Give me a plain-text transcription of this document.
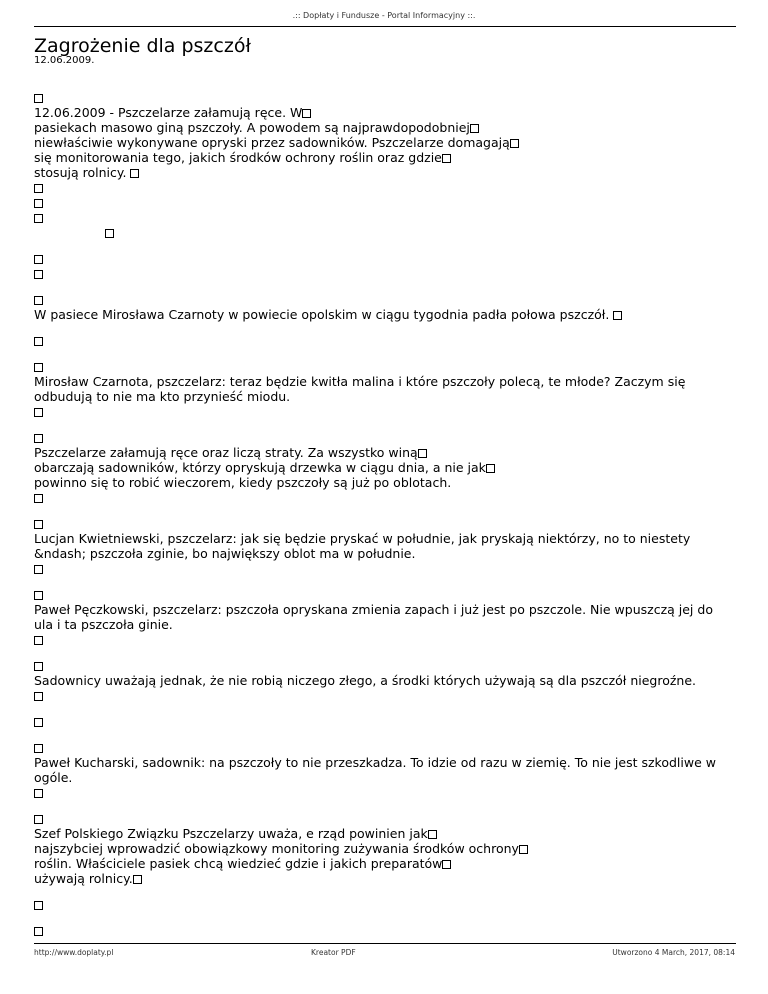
.:: Dopłaty i Fundusze - Portal Informacyjny ::.
Zagrożenie dla pszczół
12.06.2009.
12.06.2009 - Pszczelarze załamują ręce. W
pasiekach masowo giną pszczoły. A powodem są najprawdopodobniej
niewłaściwie wykonywane opryski przez sadowników. Pszczelarze domagają
się monitorowania tego, jakich środków ochrony roślin oraz gdzie
stosują rolnicy.
W pasiece Mirosława Czarnoty w powiecie opolskim w ciągu tygodnia padła połowa pszczół.
Mirosław Czarnota, pszczelarz: teraz będzie kwitła malina i które pszczoły polecą, te młode? Zaczym się odbudują to nie ma kto przynieść miodu.
Pszczelarze załamują ręce oraz liczą straty. Za wszystko winą
obarczają sadowników, którzy opryskują drzewka w ciągu dnia, a nie jak
powinno się to robić wieczorem, kiedy pszczoły są już po oblotach.
Lucjan Kwietniewski, pszczelarz: jak się będzie pryskać w południe, jak pryskają niektórzy, no to niestety &ndash; pszczoła zginie, bo największy oblot ma w południe.
Paweł Pęczkowski, pszczelarz: pszczoła opryskana zmienia zapach i już jest po pszczole. Nie wpuszczą jej do ula i ta pszczoła ginie.
Sadownicy uważają jednak, że nie robią niczego złego, a środki których używają są dla pszczół niegroźne.
Paweł Kucharski, sadownik: na pszczoły to nie przeszkadza. To idzie od razu w ziemię. To nie jest szkodliwe w ogóle.
Szef Polskiego Związku Pszczelarzy uważa, e rząd powinien jak
najszybciej wprowadzić obowiązkowy monitoring zużywania środków ochrony
roślin. Właściciele pasiek chcą wiedzieć gdzie i jakich preparatów
używają rolnicy.
http://www.doplaty.pl	Kreator PDF	Utworzono 4 March, 2017, 08:14
